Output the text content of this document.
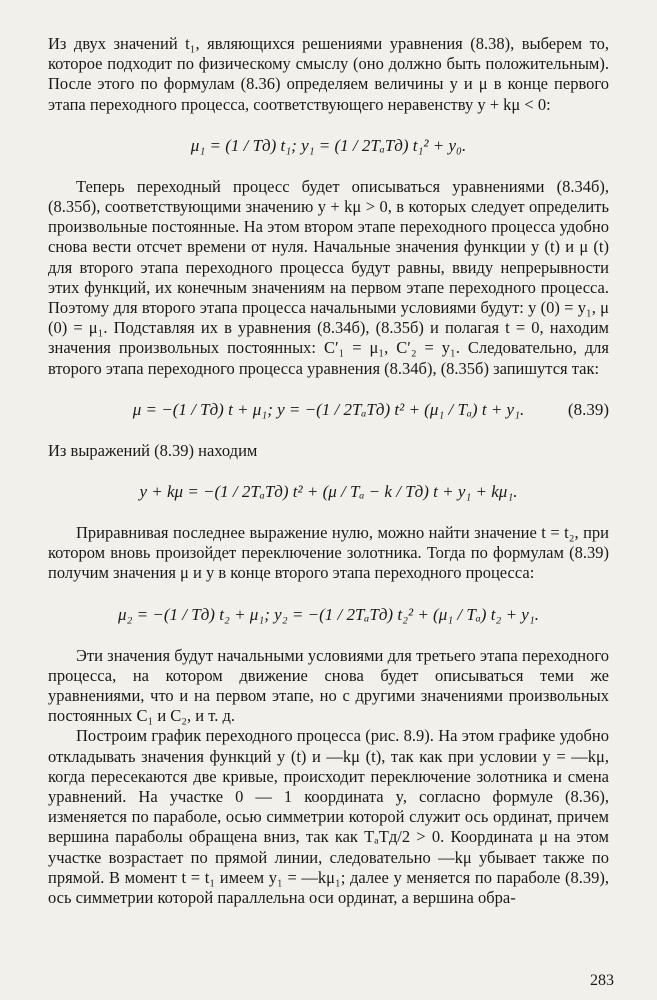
Из двух значений t₁, являющихся решениями уравнения (8.38), выберем то, которое подходит по физическому смыслу (оно должно быть положительным). После этого по формулам (8.36) определяем величины y и μ в конце первого этапа переходного процесса, соответствующего неравенству y + kμ < 0:

μ₁ = (1 / Tд) t₁; y₁ = (1 / 2TₐTд) t₁² + y₀.

Теперь переходный процесс будет описываться уравнениями (8.34б), (8.35б), соответствующими значению y + kμ > 0, в которых следует определить произвольные постоянные. На этом втором этапе переходного процесса удобно снова вести отсчет времени от нуля. Начальные значения функции y (t) и μ (t) для второго этапа переходного процесса будут равны, ввиду непрерывности этих функций, их конечным значениям на первом этапе переходного процесса. Поэтому для второго этапа процесса начальными условиями будут: y (0) = y₁, μ (0) = μ₁. Подставляя их в уравнения (8.34б), (8.35б) и полагая t = 0, находим значения произвольных постоянных: C′₁ = μ₁, C′₂ = y₁. Следовательно, для второго этапа переходного процесса уравнения (8.34б), (8.35б) запишутся так:

μ = −(1 / Tд) t + μ₁; y = −(1 / 2TₐTд) t² + (μ₁ / Tₐ) t + y₁.	(8.39)

Из выражений (8.39) находим

y + kμ = −(1 / 2TₐTд) t² + (μ / Tₐ − k / Tд) t + y₁ + kμ₁.

Приравнивая последнее выражение нулю, можно найти значение t = t₂, при котором вновь произойдет переключение золотника. Тогда по формулам (8.39) получим значения μ и y в конце второго этапа переходного процесса:

μ₂ = −(1 / Tд) t₂ + μ₁; y₂ = −(1 / 2TₐTд) t₂² + (μ₁ / Tₐ) t₂ + y₁.

Эти значения будут начальными условиями для третьего этапа переходного процесса, на котором движение снова будет описываться теми же уравнениями, что и на первом этапе, но с другими значениями произвольных постоянных C₁ и C₂, и т. д.

Построим график переходного процесса (рис. 8.9). На этом графике удобно откладывать значения функций y (t) и —kμ (t), так как при условии y = —kμ, когда пересекаются две кривые, происходит переключение золотника и смена уравнений. На участке 0 — 1 координата y, согласно формуле (8.36), изменяется по параболе, осью симметрии которой служит ось ординат, причем вершина параболы обращена вниз, так как TₐTд/2 > 0. Координата μ на этом участке возрастает по прямой линии, следовательно —kμ убывает также по прямой. В момент t = t₁ имеем y₁ = —kμ₁; далее y меняется по параболе (8.39), ось симметрии которой параллельна оси ординат, а вершина обра-

283
